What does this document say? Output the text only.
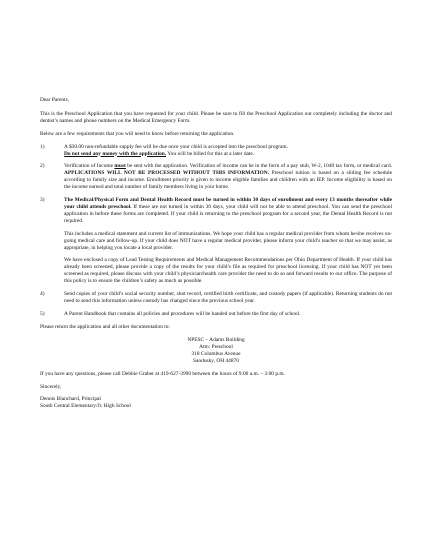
Dear Parents,

This is the Preschool Application that you have requested for your child. Please be sure to fill the Preschool Application out completely including the doctor and dentist’s names and phone numbers on the Medical Emergency Form.

Below are a few requirements that you will need to know before returning the application.

1)	A $30.00 non-refundable supply fee will be due once your child is accepted into the preschool program.
Do not send any money with the application. You will be billed for this at a later date.

2)	Verification of Income must be sent with the application. Verification of income can be in the form of a pay stub, W-2, 1040 tax form, or medical card. APPLICATIONS WILL NOT BE PROCESSED WITHOUT THIS INFORMATION. Preschool tuition is based on a sliding fee schedule according to family size and income. Enrollment priority is given to income eligible families and children with an IEP. Income eligibility is based on the income earned and total number of family members living in your home.

3)	The Medical/Physical Form and Dental Health Record must be turned in within 30 days of enrollment and every 13 months thereafter while your child attends preschool. If these are not turned in within 30 days, your child will not be able to attend preschool. You can send the preschool application in before these forms are completed. If your child is returning to the preschool program for a second year, the Dental Health Record is not required.

This includes a medical statement and current list of immunizations. We hope your child has a regular medical provider from whom he/she receives on-going medical care and follow-up. If your child does NOT have a regular medical provider, please inform your child’s teacher so that we may assist, as appropriate, in helping you locate a local provider.

We have enclosed a copy of Lead Testing Requirements and Medical Management Recommendations per Ohio Department of Health. If your child has already been screened, please provide a copy of the results for your child’s file as required for preschool licensing. If your child has NOT yet been screened as required, please discuss with your child’s physician/health care provider the need to do so and forward results to our office. The purpose of this policy is to ensure the children’s safety as much as possible.

4)	Send copies of your child’s social security number, shot record, certified birth certificate, and custody papers (if applicable). Returning students do not need to send this information unless custody has changed since the previous school year.

5)	A Parent Handbook that contains all policies and procedures will be handed out before the first day of school.

Please return the application and all other documentation to:

NPESC – Adams Building
Attn: Preschool
318 Columbus Avenue
Sandusky, OH 44870

If you have any questions, please call Debbie Graber at 419-627-3990 between the hours of 9:00 a.m. – 3:00 p.m.

Sincerely,

Dennis Blanchard, Principal
South Central Elementary/Jr. High School
